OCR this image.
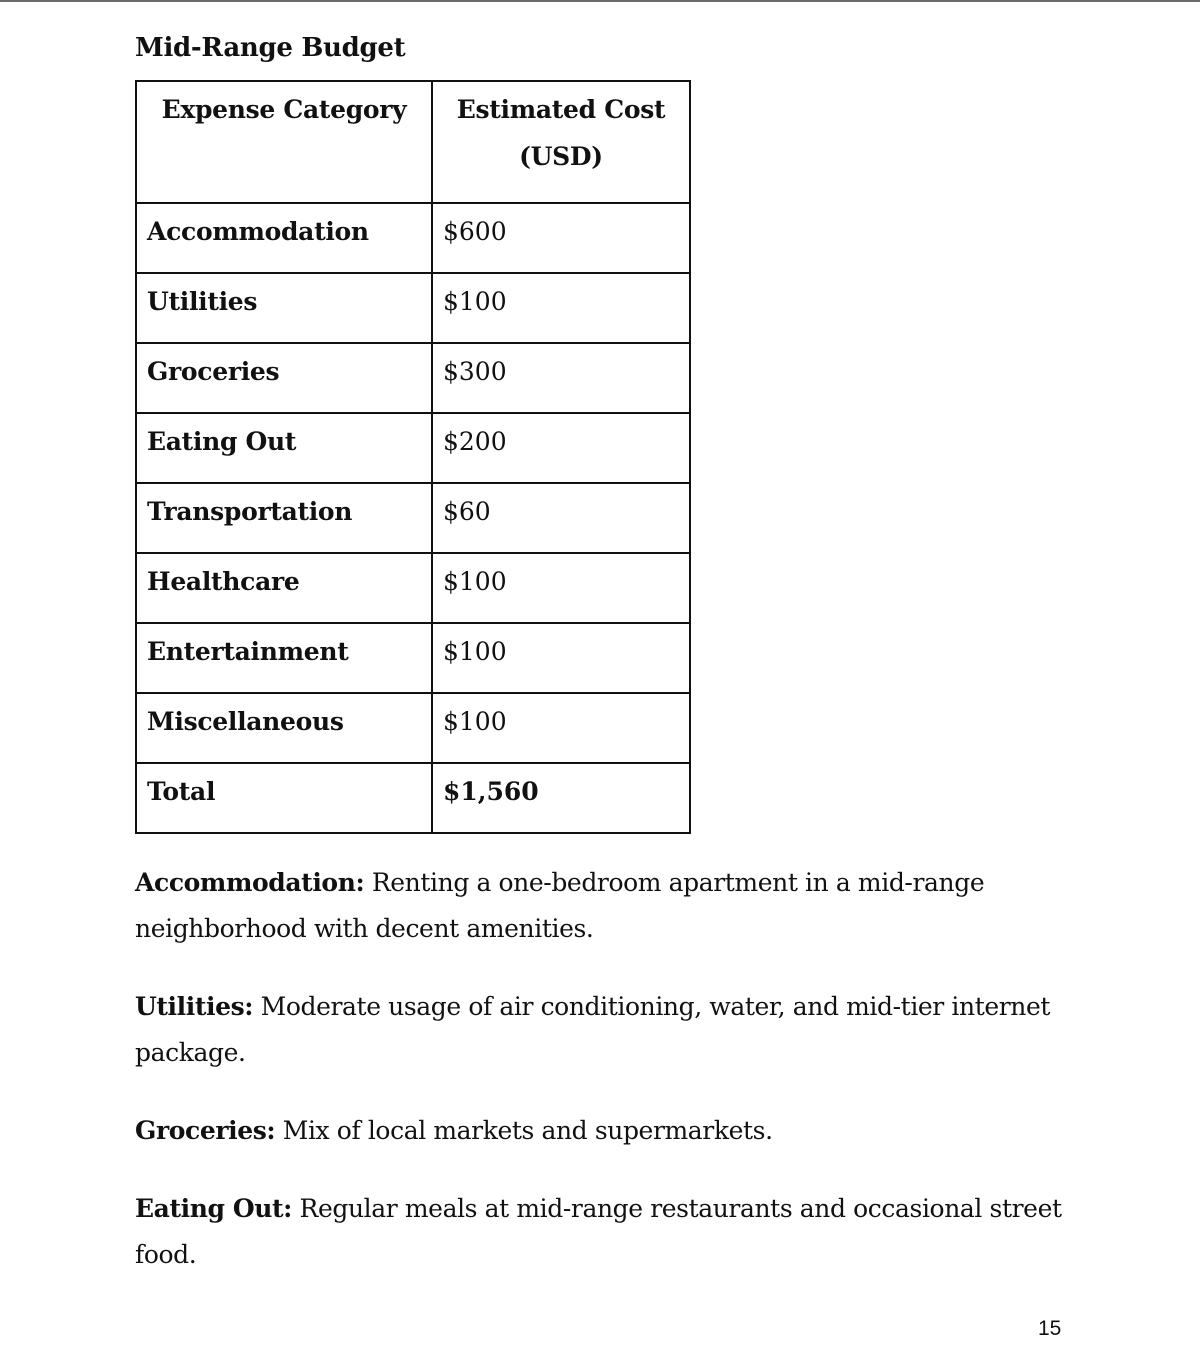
Mid-Range Budget
Expense Category	Estimated Cost (USD)
Accommodation	$600
Utilities	$100
Groceries	$300
Eating Out	$200
Transportation	$60
Healthcare	$100
Entertainment	$100
Miscellaneous	$100
Total	$1,560

Accommodation: Renting a one-bedroom apartment in a mid-range neighborhood with decent amenities.

Utilities: Moderate usage of air conditioning, water, and mid-tier internet package.

Groceries: Mix of local markets and supermarkets.

Eating Out: Regular meals at mid-range restaurants and occasional street food.

15
